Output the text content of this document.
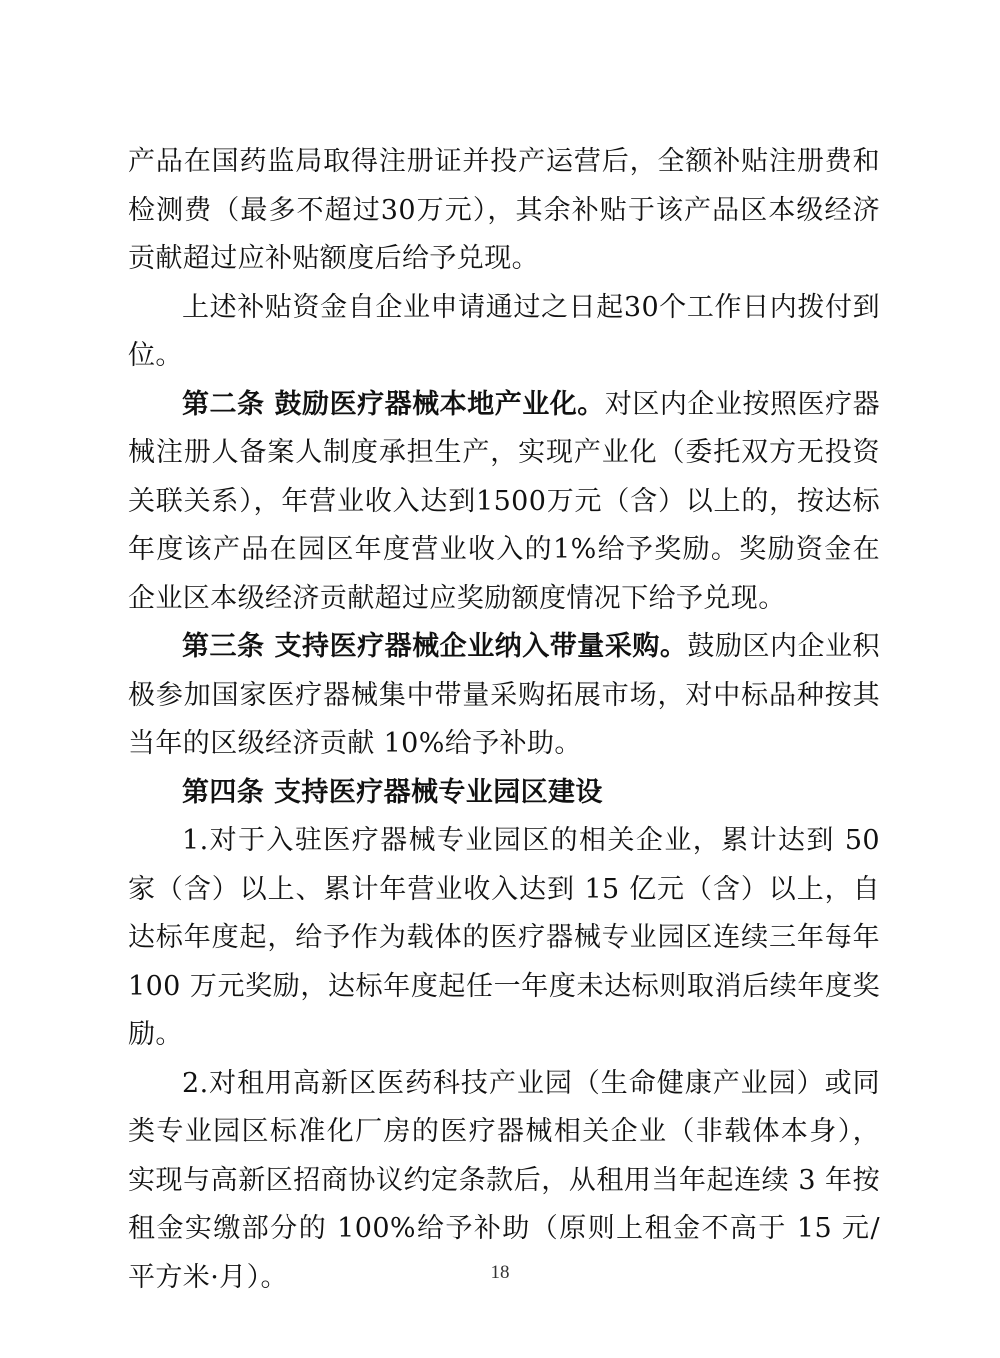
产品在国药监局取得注册证并投产运营后，全额补贴注册费和检测费（最多不超过30万元），其余补贴于该产品区本级经济贡献超过应补贴额度后给予兑现。

上述补贴资金自企业申请通过之日起30个工作日内拨付到位。

第二条 鼓励医疗器械本地产业化。对区内企业按照医疗器械注册人备案人制度承担生产，实现产业化（委托双方无投资关联关系），年营业收入达到1500万元（含）以上的，按达标年度该产品在园区年度营业收入的1%给予奖励。奖励资金在企业区本级经济贡献超过应奖励额度情况下给予兑现。

第三条 支持医疗器械企业纳入带量采购。鼓励区内企业积极参加国家医疗器械集中带量采购拓展市场，对中标品种按其当年的区级经济贡献 10%给予补助。

第四条 支持医疗器械专业园区建设

1.对于入驻医疗器械专业园区的相关企业，累计达到 50 家（含）以上、累计年营业收入达到 15 亿元（含）以上，自达标年度起，给予作为载体的医疗器械专业园区连续三年每年 100 万元奖励，达标年度起任一年度未达标则取消后续年度奖励。

2.对租用高新区医药科技产业园（生命健康产业园）或同类专业园区标准化厂房的医疗器械相关企业（非载体本身），实现与高新区招商协议约定条款后，从租用当年起连续 3 年按租金实缴部分的 100%给予补助（原则上租金不高于 15 元/平方米·月）。	18
